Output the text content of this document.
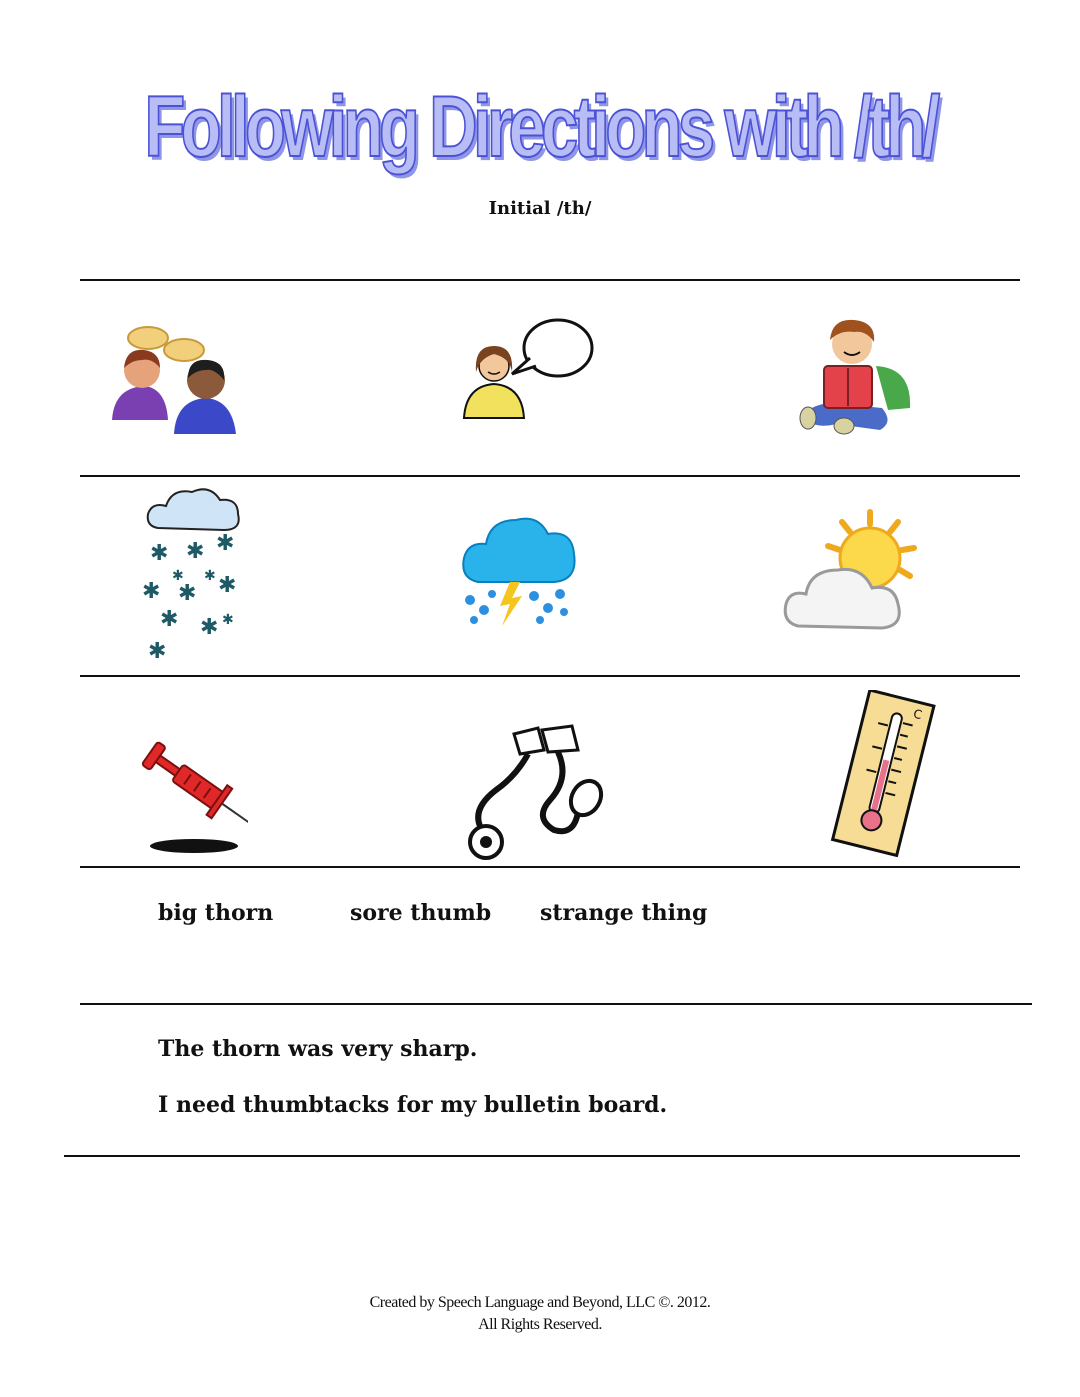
Following Directions with /th/
Initial /th/
✱ ✱ ✱
✱ ✱ ✱
✱ ✱
✱
✱
✱ ✱
C
big thorn	sore thumb strange thing
The thorn was very sharp.
I need thumbtacks for my bulletin board.
Created by Speech Language and Beyond, LLC ©. 2012.
All Rights Reserved.
